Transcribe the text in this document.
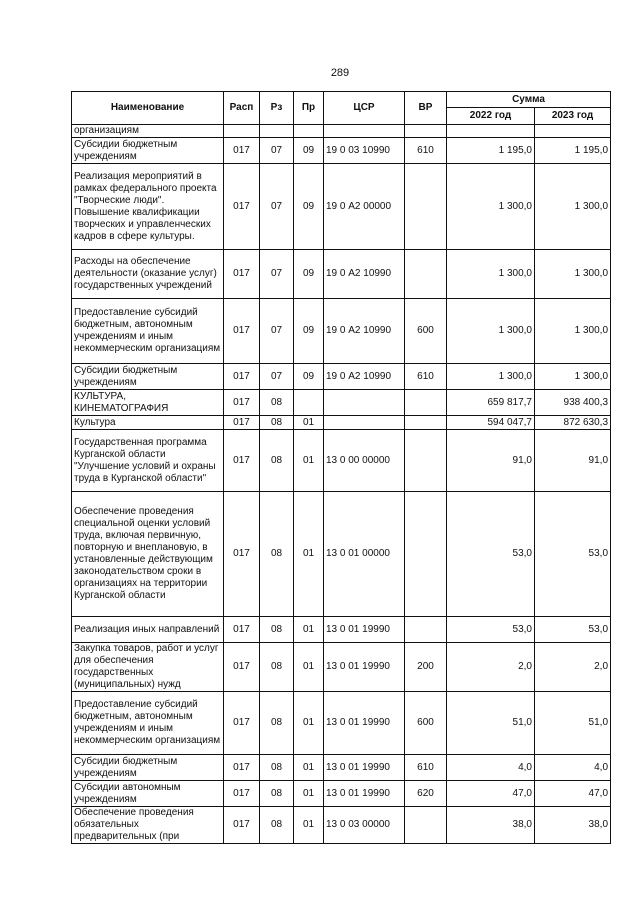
289
Наименование	Расп	Рз	Пр	ЦСР	ВР	Сумма	
						2022 год	2023 год
организациям							
Субсидии бюджетным учреждениям	017	07	09	19 0 03 10990	610	1 195,0	1 195,0
Реализация мероприятий в рамках федерального проекта "Творческие люди". Повышение квалификации творческих и управленческих кадров в сфере культуры.	017	07	09	19 0 А2 00000		1 300,0	1 300,0
Расходы на обеспечение деятельности (оказание услуг) государственных учреждений	017	07	09	19 0 А2 10990		1 300,0	1 300,0
Предоставление субсидий бюджетным, автономным учреждениям и иным некоммерческим организациям	017	07	09	19 0 А2 10990	600	1 300,0	1 300,0
Субсидии бюджетным учреждениям	017	07	09	19 0 А2 10990	610	1 300,0	1 300,0
КУЛЬТУРА, КИНЕМАТОГРАФИЯ	017	08				659 817,7	938 400,3
Культура	017	08	01			594 047,7	872 630,3
Государственная программа Курганской области "Улучшение условий и охраны труда в Курганской области"	017	08	01	13 0 00 00000		91,0	91,0
Обеспечение проведения специальной оценки условий труда, включая первичную, повторную и внеплановую, в установленные действующим законодательством сроки в организациях на территории Курганской области	017	08	01	13 0 01 00000		53,0	53,0
Реализация иных направлений	017	08	01	13 0 01 19990		53,0	53,0
Закупка товаров, работ и услуг для обеспечения государственных (муниципальных) нужд	017	08	01	13 0 01 19990	200	2,0	2,0
Предоставление субсидий бюджетным, автономным учреждениям и иным некоммерческим организациям	017	08	01	13 0 01 19990	600	51,0	51,0
Субсидии бюджетным учреждениям	017	08	01	13 0 01 19990	610	4,0	4,0
Субсидии автономным учреждениям	017	08	01	13 0 01 19990	620	47,0	47,0
Обеспечение проведения обязательных предварительных (при	017	08	01	13 0 03 00000		38,0	38,0
